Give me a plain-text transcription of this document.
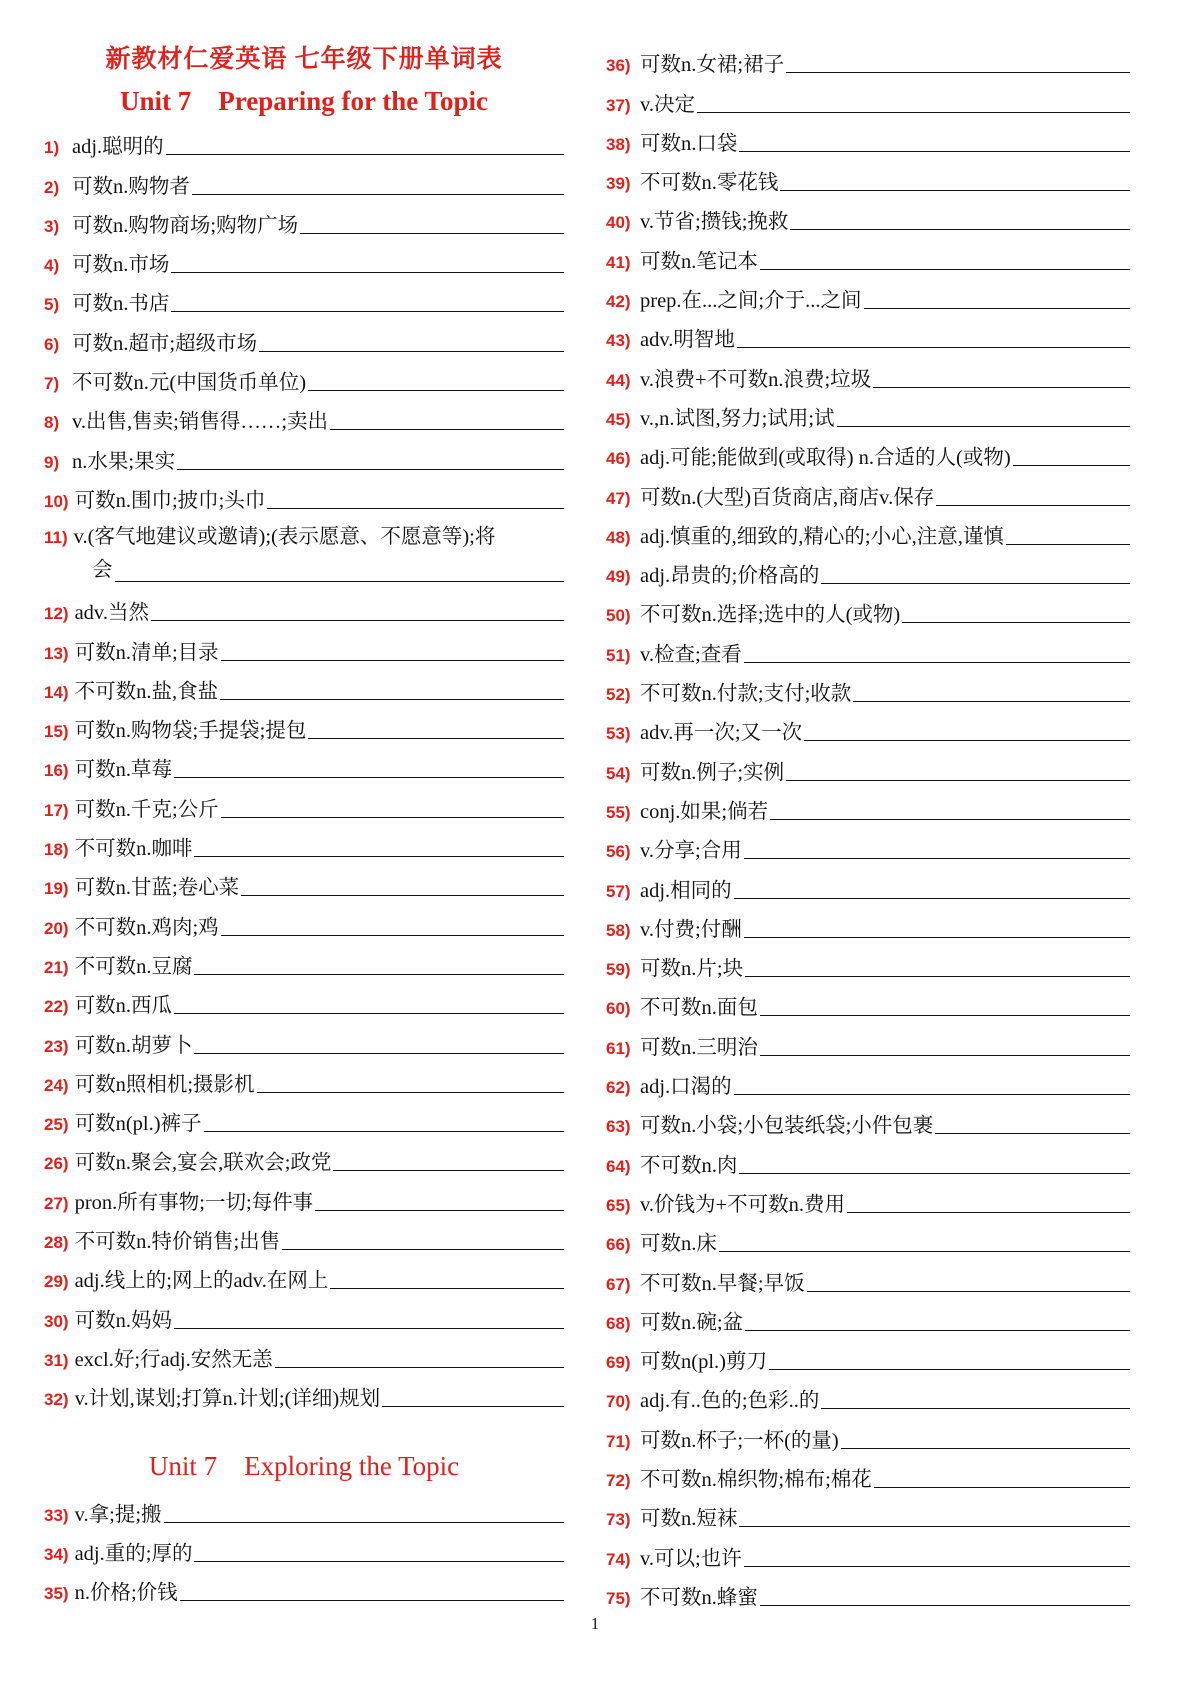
新教材仁爱英语 七年级下册单词表
Unit 7　Preparing for the Topic
1) adj.聪明的
2) 可数n.购物者
3) 可数n.购物商场;购物广场
4) 可数n.市场
5) 可数n.书店
6) 可数n.超市;超级市场
7) 不可数n.元(中国货币单位)
8) v.出售,售卖;销售得……;卖出
9) n.水果;果实
10) 可数n.围巾;披巾;头巾
11) v.(客气地建议或邀请);(表示愿意、不愿意等);将
会
12) adv.当然
13) 可数n.清单;目录
14) 不可数n.盐,食盐
15) 可数n.购物袋;手提袋;提包
16) 可数n.草莓
17) 可数n.千克;公斤
18) 不可数n.咖啡
19) 可数n.甘蓝;卷心菜
20) 不可数n.鸡肉;鸡
21) 不可数n.豆腐
22) 可数n.西瓜
23) 可数n.胡萝卜
24) 可数n照相机;摄影机
25) 可数n(pl.)裤子
26) 可数n.聚会,宴会,联欢会;政党
27) pron.所有事物;一切;每件事
28) 不可数n.特价销售;出售
29) adj.线上的;网上的adv.在网上
30) 可数n.妈妈
31) excl.好;行adj.安然无恙
32) v.计划,谋划;打算n.计划;(详细)规划
Unit 7　Exploring the Topic
33) v.拿;提;搬
34) adj.重的;厚的
35) n.价格;价钱
36) 可数n.女裙;裙子
37) v.决定
38) 可数n.口袋
39) 不可数n.零花钱
40) v.节省;攒钱;挽救
41) 可数n.笔记本
42) prep.在...之间;介于...之间
43) adv.明智地
44) v.浪费+不可数n.浪费;垃圾
45) v.,n.试图,努力;试用;试
46) adj.可能;能做到(或取得) n.合适的人(或物)
47) 可数n.(大型)百货商店,商店v.保存
48) adj.慎重的,细致的,精心的;小心,注意,谨慎
49) adj.昂贵的;价格高的
50) 不可数n.选择;选中的人(或物)
51) v.检查;查看
52) 不可数n.付款;支付;收款
53) adv.再一次;又一次
54) 可数n.例子;实例
55) conj.如果;倘若
56) v.分享;合用
57) adj.相同的
58) v.付费;付酬
59) 可数n.片;块
60) 不可数n.面包
61) 可数n.三明治
62) adj.口渴的
63) 可数n.小袋;小包装纸袋;小件包裹
64) 不可数n.肉
65) v.价钱为+不可数n.费用
66) 可数n.床
67) 不可数n.早餐;早饭
68) 可数n.碗;盆
69) 可数n(pl.)剪刀
70) adj.有..色的;色彩..的
71) 可数n.杯子;一杯(的量)
72) 不可数n.棉织物;棉布;棉花
73) 可数n.短袜
74) v.可以;也许
75) 不可数n.蜂蜜
1
